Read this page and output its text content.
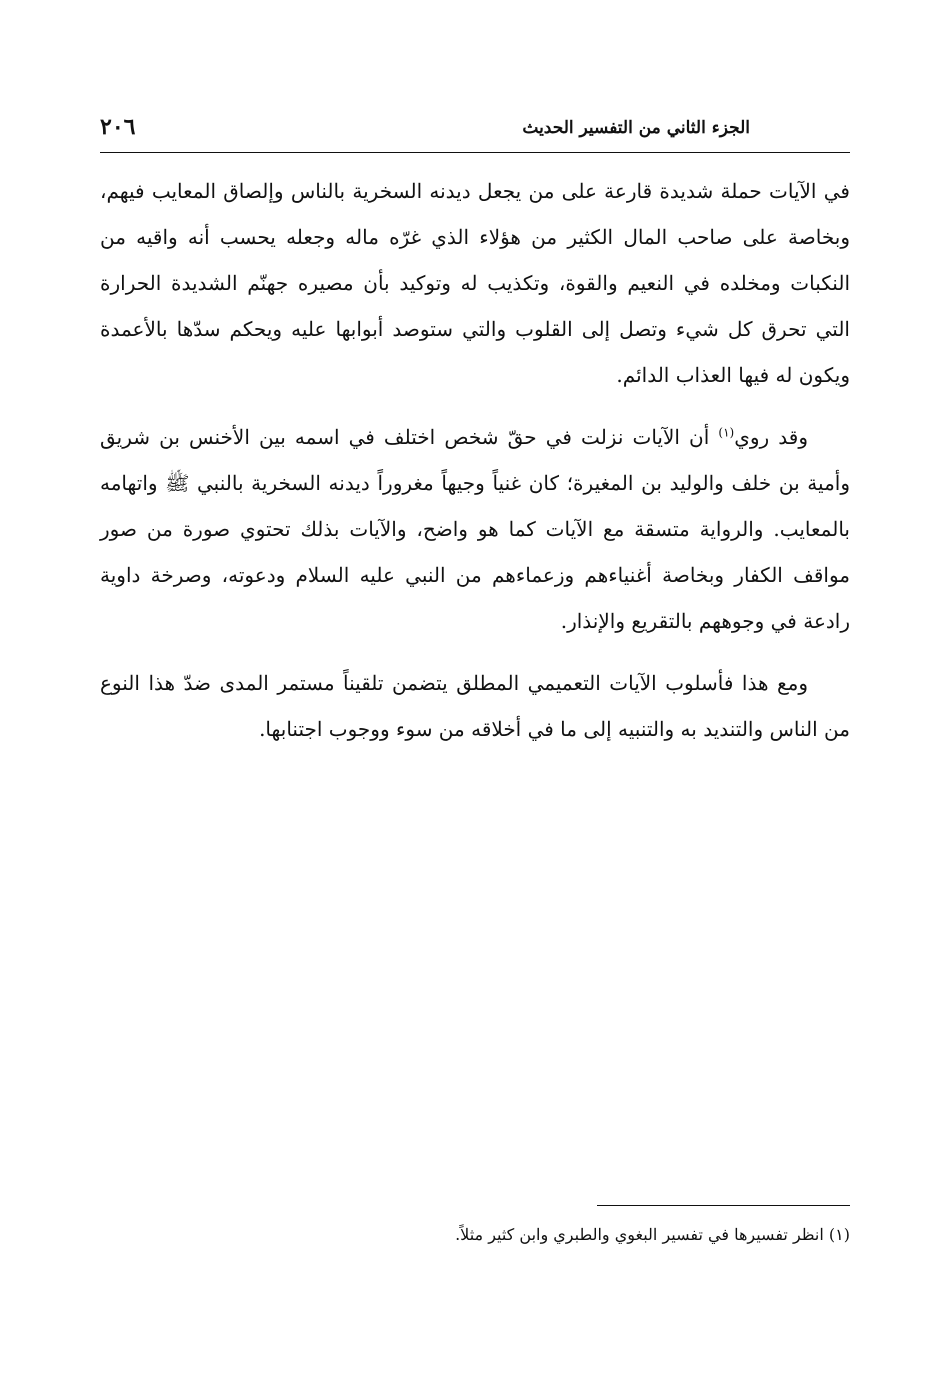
الجزء الثاني من التفسير الحديث
٢٠٦

في الآيات حملة شديدة قارعة على من يجعل ديدنه السخرية بالناس وإلصاق المعايب فيهم، وبخاصة على صاحب المال الكثير من هؤلاء الذي غرّه ماله وجعله يحسب أنه واقيه من النكبات ومخلده في النعيم والقوة، وتكذيب له وتوكيد بأن مصيره جهنّم الشديدة الحرارة التي تحرق كل شيء وتصل إلى القلوب والتي ستوصد أبوابها عليه ويحكم سدّها بالأعمدة ويكون له فيها العذاب الدائم.

وقد روي$^{(١)}$ أن الآيات نزلت في حقّ شخص اختلف في اسمه بين الأخنس بن شريق وأمية بن خلف والوليد بن المغيرة؛ كان غنياً وجيهاً مغروراً ديدنه السخرية بالنبي ﷺ واتهامه بالمعايب. والرواية متسقة مع الآيات كما هو واضح، والآيات بذلك تحتوي صورة من صور مواقف الكفار وبخاصة أغنياءهم وزعماءهم من النبي عليه السلام ودعوته، وصرخة داوية رادعة في وجوههم بالتقريع والإنذار.

ومع هذا فأسلوب الآيات التعميمي المطلق يتضمن تلقيناً مستمر المدى ضدّ هذا النوع من الناس والتنديد به والتنبيه إلى ما في أخلاقه من سوء ووجوب اجتنابها.

(١) انظر تفسيرها في تفسير البغوي والطبري وابن كثير مثلاً.
